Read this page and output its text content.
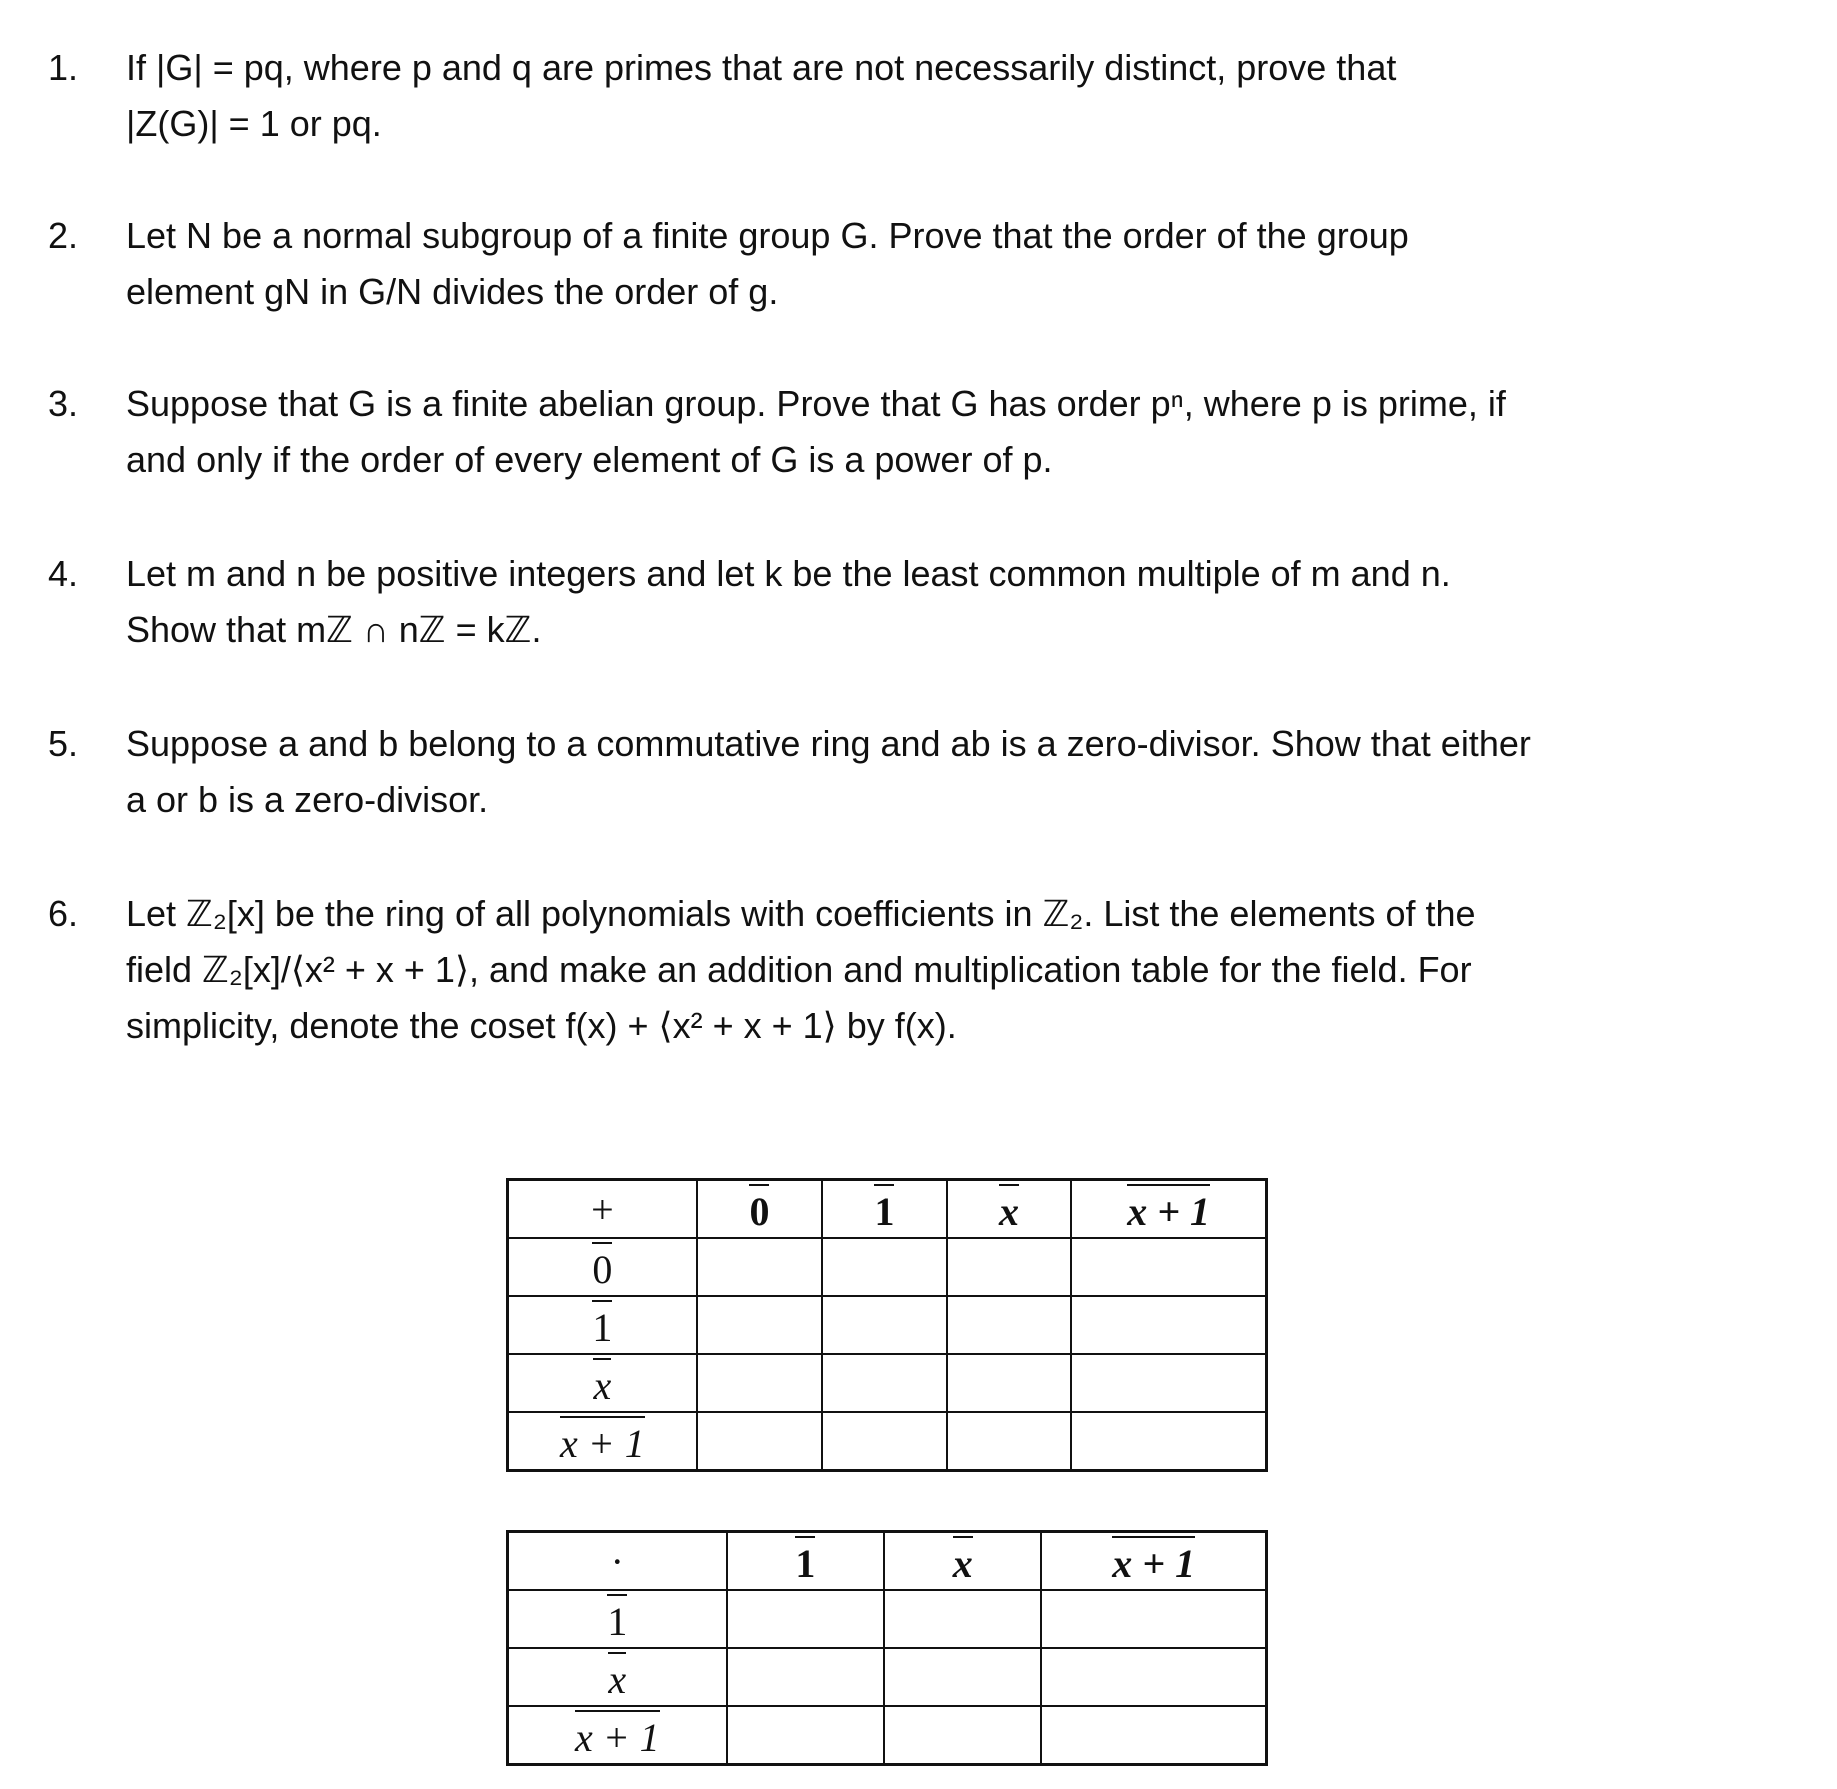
1. If |G| = pq, where p and q are primes that are not necessarily distinct, prove that
|Z(G)| = 1 or pq.
2. Let N be a normal subgroup of a finite group G. Prove that the order of the group
element gN in G/N divides the order of g.
3. Suppose that G is a finite abelian group. Prove that G has order pⁿ, where p is prime, if
and only if the order of every element of G is a power of p.
4. Let m and n be positive integers and let k be the least common multiple of m and n.
Show that mℤ ∩ nℤ = kℤ.
5. Suppose a and b belong to a commutative ring and ab is a zero-divisor. Show that either
a or b is a zero-divisor.
6. Let ℤ₂[x] be the ring of all polynomials with coefficients in ℤ₂. List the elements of the
field ℤ₂[x]/⟨x² + x + 1⟩, and make an addition and multiplication table for the field. For
simplicity, denote the coset f(x) + ⟨x² + x + 1⟩ by f(x).
+	0	1	x	x + 1
0				
1				
x				
x + 1				
·	1	x	x + 1
1			
x			
x + 1			
